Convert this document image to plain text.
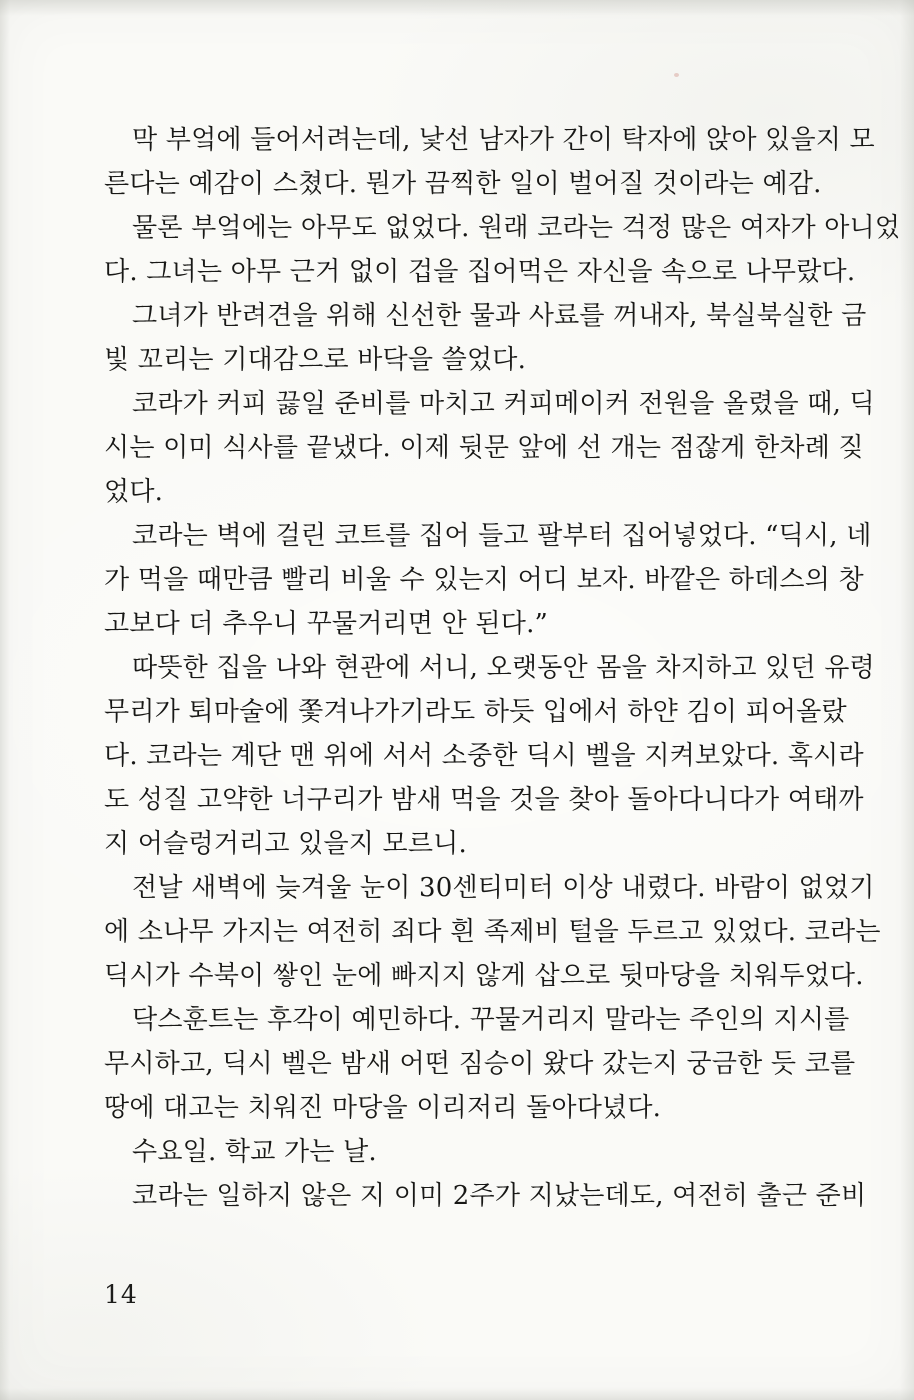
막 부엌에 들어서려는데, 낯선 남자가 간이 탁자에 앉아 있을지 모
른다는 예감이 스쳤다. 뭔가 끔찍한 일이 벌어질 것이라는 예감.
물론 부엌에는 아무도 없었다. 원래 코라는 걱정 많은 여자가 아니었
다. 그녀는 아무 근거 없이 겁을 집어먹은 자신을 속으로 나무랐다.
그녀가 반려견을 위해 신선한 물과 사료를 꺼내자, 북실북실한 금
빛 꼬리는 기대감으로 바닥을 쓸었다.
코라가 커피 끓일 준비를 마치고 커피메이커 전원을 올렸을 때, 딕
시는 이미 식사를 끝냈다. 이제 뒷문 앞에 선 개는 점잖게 한차례 짖
었다.
코라는 벽에 걸린 코트를 집어 들고 팔부터 집어넣었다. “딕시, 네
가 먹을 때만큼 빨리 비울 수 있는지 어디 보자. 바깥은 하데스의 창
고보다 더 추우니 꾸물거리면 안 된다.”
따뜻한 집을 나와 현관에 서니, 오랫동안 몸을 차지하고 있던 유령
무리가 퇴마술에 쫓겨나가기라도 하듯 입에서 하얀 김이 피어올랐
다. 코라는 계단 맨 위에 서서 소중한 딕시 벨을 지켜보았다. 혹시라
도 성질 고약한 너구리가 밤새 먹을 것을 찾아 돌아다니다가 여태까
지 어슬렁거리고 있을지 모르니.
전날 새벽에 늦겨울 눈이 30센티미터 이상 내렸다. 바람이 없었기
에 소나무 가지는 여전히 죄다 흰 족제비 털을 두르고 있었다. 코라는
딕시가 수북이 쌓인 눈에 빠지지 않게 삽으로 뒷마당을 치워두었다.
닥스훈트는 후각이 예민하다. 꾸물거리지 말라는 주인의 지시를
무시하고, 딕시 벨은 밤새 어떤 짐승이 왔다 갔는지 궁금한 듯 코를
땅에 대고는 치워진 마당을 이리저리 돌아다녔다.
수요일. 학교 가는 날.
코라는 일하지 않은 지 이미 2주가 지났는데도, 여전히 출근 준비
14
